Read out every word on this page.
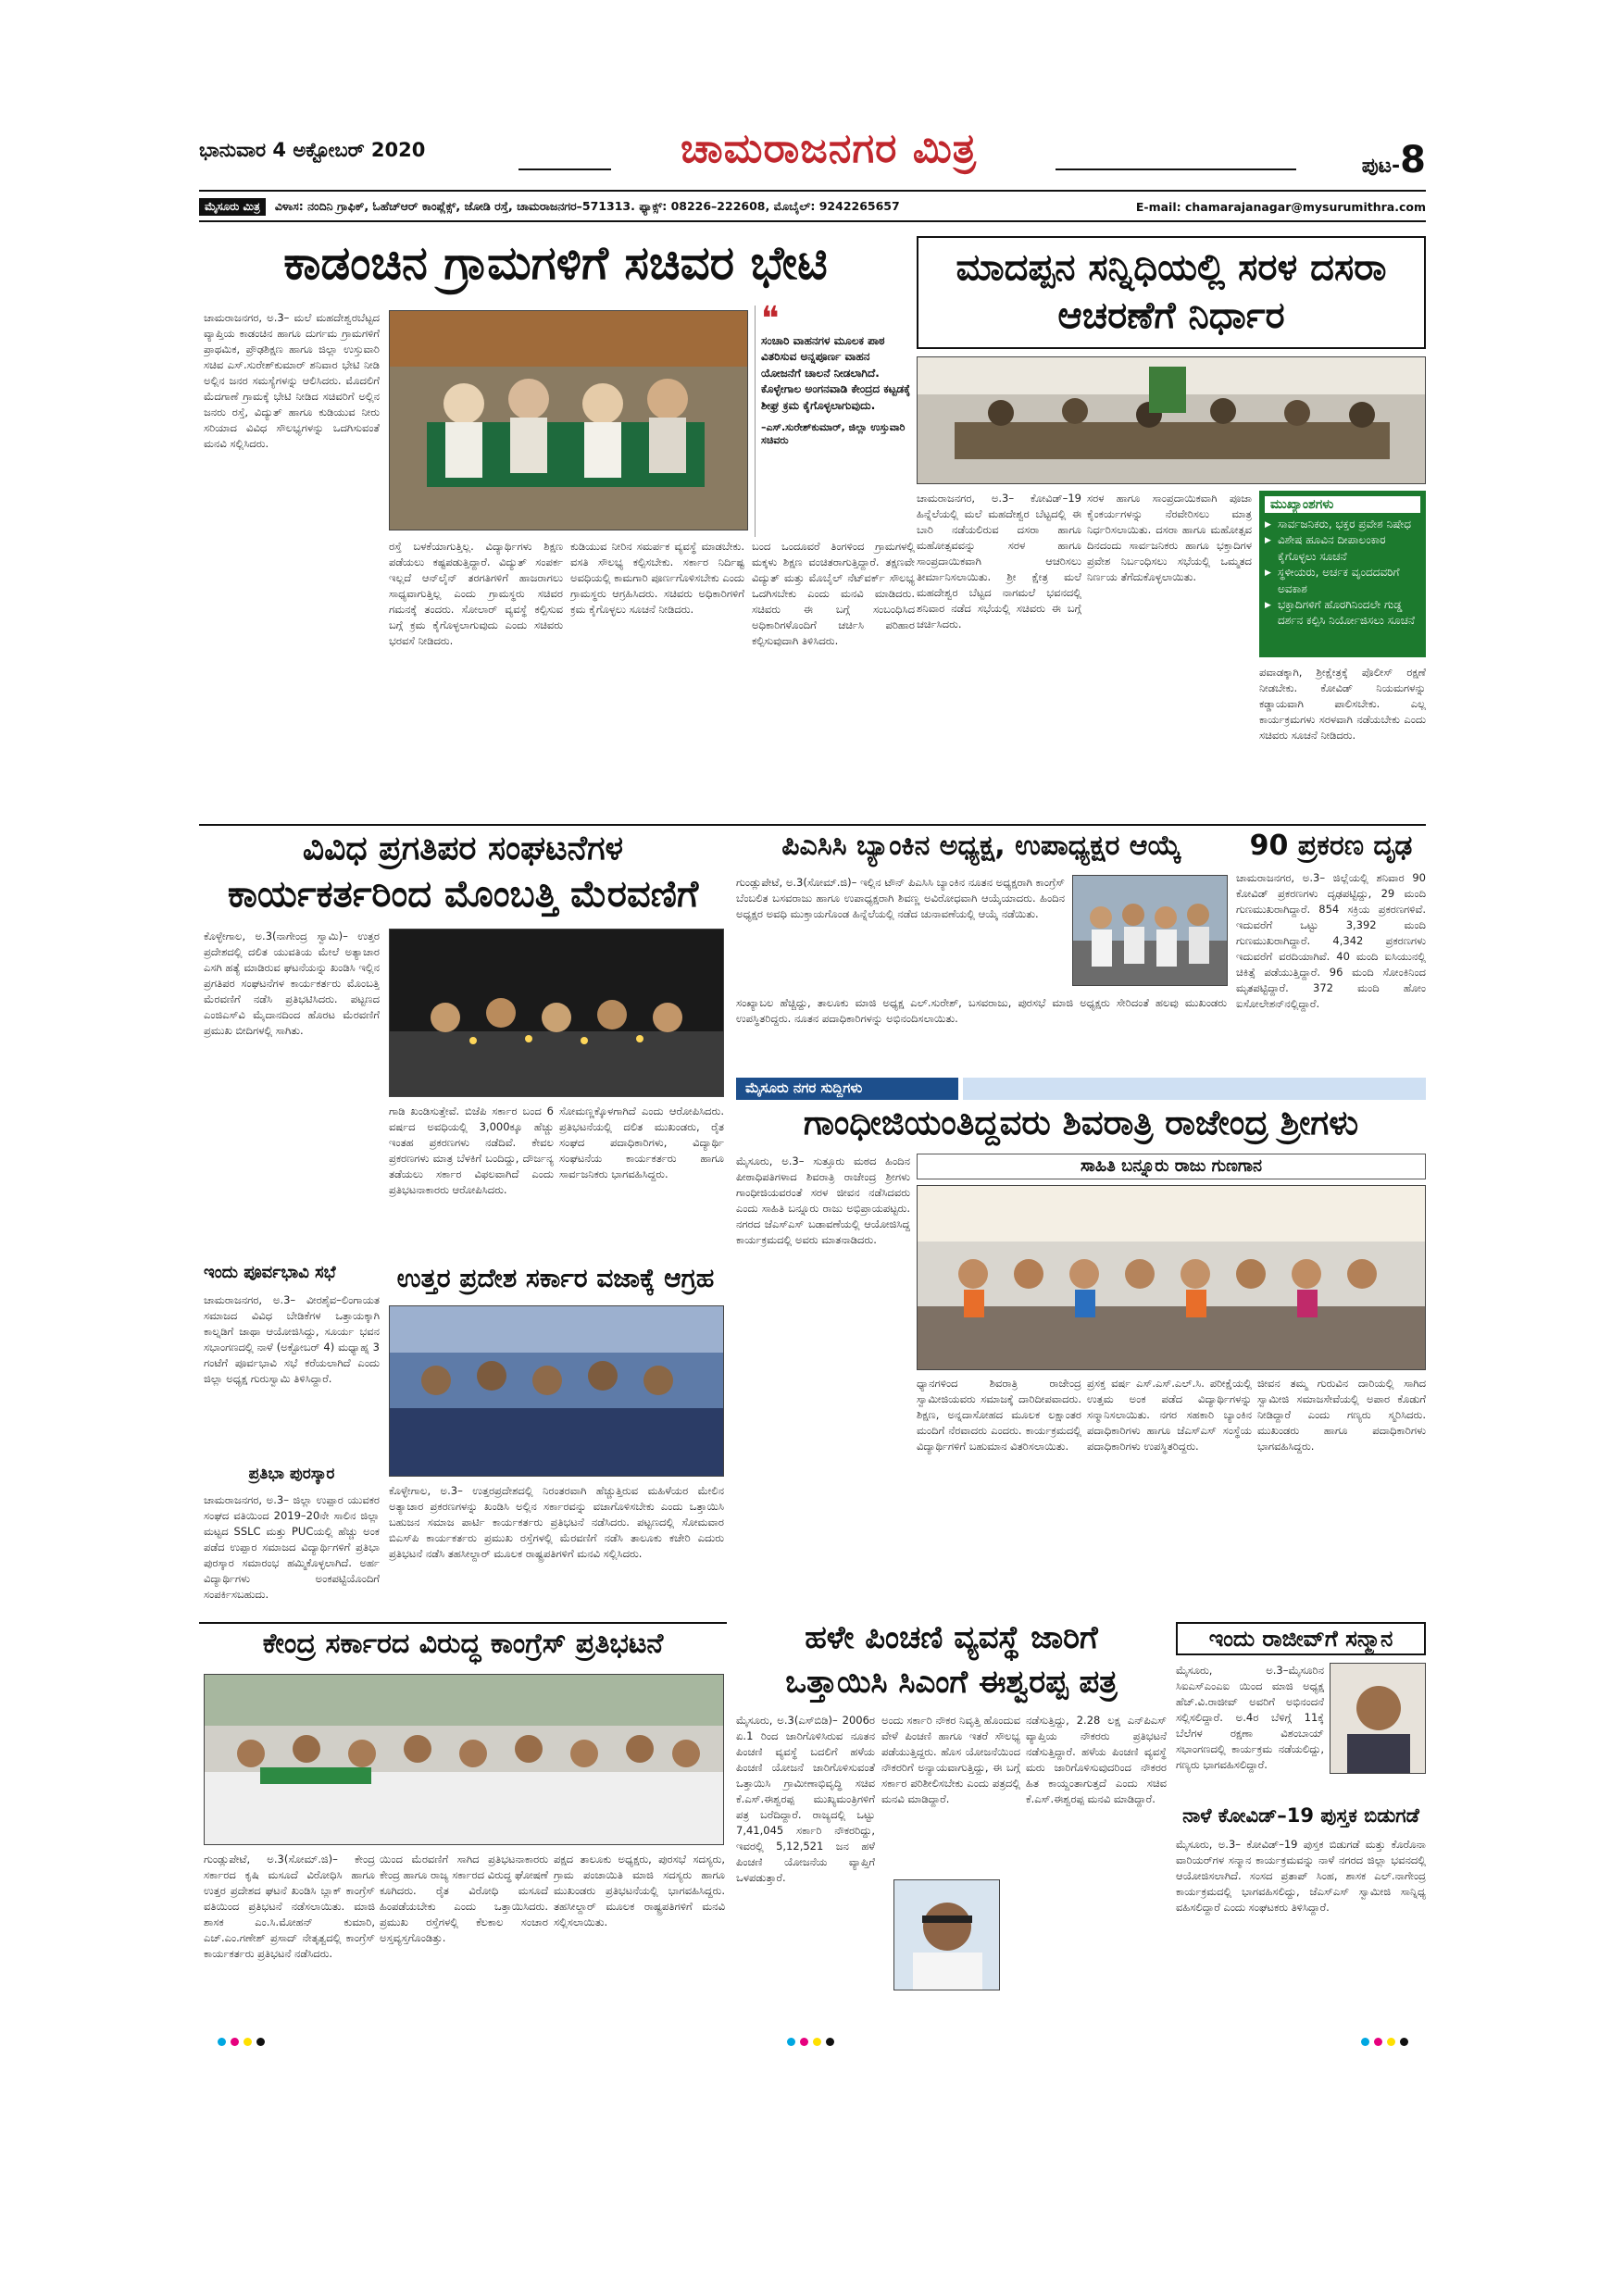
ಭಾನುವಾರ 4 ಅಕ್ಟೋಬರ್ 2020	ಚಾಮರಾಜನಗರ ಮಿತ್ರ	ಪುಟ-8
ಮೈಸೂರು ಮಿತ್ರ	ವಿಳಾಸ: ನಂದಿನಿ ಗ್ರಾಫಿಕ್, ಓಹೆಚ್‌ಆರ್ ಕಾಂಪ್ಲೆಕ್ಸ್, ಜೋಡಿ ರಸ್ತೆ, ಚಾಮರಾಜನಗರ–571313. ಫ್ಯಾಕ್ಸ್: 08226–222608, ಮೊಬೈಲ್: 9242265657	E-mail: chamarajanagar@mysurumithra.com
ಕಾಡಂಚಿನ ಗ್ರಾಮಗಳಿಗೆ ಸಚಿವರ ಭೇಟಿ
ಚಾಮರಾಜನಗರ, ಅ.3– ಮಲೆ ಮಹದೇಶ್ವರಬೆಟ್ಟದ ವ್ಯಾಪ್ತಿಯ ಕಾಡಂಚಿನ ಹಾಗೂ ದುರ್ಗಮ ಗ್ರಾಮಗಳಿಗೆ ಪ್ರಾಥಮಿಕ, ಪ್ರೌಢಶಿಕ್ಷಣ ಹಾಗೂ ಜಿಲ್ಲಾ ಉಸ್ತುವಾರಿ ಸಚಿವ ಎಸ್.ಸುರೇಶ್‌ಕುಮಾರ್ ಶನಿವಾರ ಭೇಟಿ ನೀಡಿ ಅಲ್ಲಿನ ಜನರ ಸಮಸ್ಯೆಗಳನ್ನು ಆಲಿಸಿದರು. ಮೊದಲಿಗೆ ಮೆದಗಾಣೆ ಗ್ರಾಮಕ್ಕೆ ಭೇಟಿ ನೀಡಿದ ಸಚಿವರಿಗೆ ಅಲ್ಲಿನ ಜನರು ರಸ್ತೆ, ವಿದ್ಯುತ್ ಹಾಗೂ ಕುಡಿಯುವ ನೀರು ಸರಿಯಾದ ವಿವಿಧ ಸೌಲಭ್ಯಗಳನ್ನು ಒದಗಿಸುವಂತೆ ಮನವಿ ಸಲ್ಲಿಸಿದರು.
❝
ಸಂಚಾರಿ ವಾಹನಗಳ ಮೂಲಕ ಪಾಠ ವಿತರಿಸುವ ಅನ್ನಪೂರ್ಣ ವಾಹನ ಯೋಜನೆಗೆ ಚಾಲನೆ ನೀಡಲಾಗಿದೆ. ಕೊಳ್ಳೇಗಾಲ ಅಂಗನವಾಡಿ ಕೇಂದ್ರದ ಕಟ್ಟಡಕ್ಕೆ ಶೀಘ್ರ ಕ್ರಮ ಕೈಗೊಳ್ಳಲಾಗುವುದು.
–ಎಸ್.ಸುರೇಶ್‌ಕುಮಾರ್, ಜಿಲ್ಲಾ ಉಸ್ತುವಾರಿ ಸಚಿವರು
ರಸ್ತೆ ಬಳಕೆಯಾಗುತ್ತಿಲ್ಲ. ವಿದ್ಯಾರ್ಥಿಗಳು ಶಿಕ್ಷಣ ಪಡೆಯಲು ಕಷ್ಟಪಡುತ್ತಿದ್ದಾರೆ. ವಿದ್ಯುತ್ ಸಂಪರ್ಕ ಇಲ್ಲದೆ ಆನ್‌ಲೈನ್ ತರಗತಿಗಳಿಗೆ ಹಾಜರಾಗಲು ಸಾಧ್ಯವಾಗುತ್ತಿಲ್ಲ ಎಂದು ಗ್ರಾಮಸ್ಥರು ಸಚಿವರ ಗಮನಕ್ಕೆ ತಂದರು. ಸೋಲಾರ್ ವ್ಯವಸ್ಥೆ ಕಲ್ಪಿಸುವ ಬಗ್ಗೆ ಕ್ರಮ ಕೈಗೊಳ್ಳಲಾಗುವುದು ಎಂದು ಸಚಿವರು ಭರವಸೆ ನೀಡಿದರು.
ಕುಡಿಯುವ ನೀರಿನ ಸಮರ್ಪಕ ವ್ಯವಸ್ಥೆ ಮಾಡಬೇಕು. ವಸತಿ ಸೌಲಭ್ಯ ಕಲ್ಪಿಸಬೇಕು. ಸರ್ಕಾರ ನಿರ್ದಿಷ್ಟ ಅವಧಿಯಲ್ಲಿ ಕಾಮಗಾರಿ ಪೂರ್ಣಗೊಳಿಸಬೇಕು ಎಂದು ಗ್ರಾಮಸ್ಥರು ಆಗ್ರಹಿಸಿದರು. ಸಚಿವರು ಅಧಿಕಾರಿಗಳಿಗೆ ಕ್ರಮ ಕೈಗೊಳ್ಳಲು ಸೂಚನೆ ನೀಡಿದರು.
ಬಂದ ಒಂದೂವರೆ ತಿಂಗಳಿಂದ ಗ್ರಾಮಗಳಲ್ಲಿ ಮಕ್ಕಳು ಶಿಕ್ಷಣ ವಂಚಿತರಾಗುತ್ತಿದ್ದಾರೆ. ತಕ್ಷಣವೇ ವಿದ್ಯುತ್ ಮತ್ತು ಮೊಬೈಲ್ ನೆಟ್‌ವರ್ಕ್ ಸೌಲಭ್ಯ ಒದಗಿಸಬೇಕು ಎಂದು ಮನವಿ ಮಾಡಿದರು. ಸಚಿವರು ಈ ಬಗ್ಗೆ ಸಂಬಂಧಿಸಿದ ಅಧಿಕಾರಿಗಳೊಂದಿಗೆ ಚರ್ಚಿಸಿ ಪರಿಹಾರ ಕಲ್ಪಿಸುವುದಾಗಿ ತಿಳಿಸಿದರು.
ಮಾದಪ್ಪನ ಸನ್ನಿಧಿಯಲ್ಲಿ ಸರಳ ದಸರಾ ಆಚರಣೆಗೆ ನಿರ್ಧಾರ
ಚಾಮರಾಜನಗರ, ಅ.3– ಕೋವಿಡ್–19 ಹಿನ್ನೆಲೆಯಲ್ಲಿ ಮಲೆ ಮಹದೇಶ್ವರ ಬೆಟ್ಟದಲ್ಲಿ ಈ ಬಾರಿ ನಡೆಯಲಿರುವ ದಸರಾ ಹಾಗೂ ಮಹೋತ್ಸವವನ್ನು ಸರಳ ಹಾಗೂ ಸಾಂಪ್ರದಾಯಿಕವಾಗಿ ಆಚರಿಸಲು ತೀರ್ಮಾನಿಸಲಾಯಿತು. ಶ್ರೀ ಕ್ಷೇತ್ರ ಮಲೆ ಮಹದೇಶ್ವರ ಬೆಟ್ಟದ ನಾಗಮಲೆ ಭವನದಲ್ಲಿ ಶನಿವಾರ ನಡೆದ ಸಭೆಯಲ್ಲಿ ಸಚಿವರು ಈ ಬಗ್ಗೆ ಚರ್ಚಿಸಿದರು.
ಸರಳ ಹಾಗೂ ಸಾಂಪ್ರದಾಯಿಕವಾಗಿ ಪೂಜಾ ಕೈಂಕರ್ಯಗಳನ್ನು ನೆರವೇರಿಸಲು ಮಾತ್ರ ನಿರ್ಧರಿಸಲಾಯಿತು. ದಸರಾ ಹಾಗೂ ಮಹೋತ್ಸವ ದಿನದಂದು ಸಾರ್ವಜನಿಕರು ಹಾಗೂ ಭಕ್ತಾದಿಗಳ ಪ್ರವೇಶ ನಿರ್ಬಂಧಿಸಲು ಸಭೆಯಲ್ಲಿ ಒಮ್ಮತದ ನಿರ್ಣಯ ತೆಗೆದುಕೊಳ್ಳಲಾಯಿತು.
ಮುಖ್ಯಾಂಶಗಳು
▶ ಸಾರ್ವಜನಿಕರು, ಭಕ್ತರ ಪ್ರವೇಶ ನಿಷೇಧ
▶ ವಿಶೇಷ ಹೂವಿನ ದೀಪಾಲಂಕಾರ ಕೈಗೊಳ್ಳಲು ಸೂಚನೆ
▶ ಸ್ಥಳೀಯರು, ಅರ್ಚಕ ವೃಂದದವರಿಗೆ ಅವಕಾಶ
▶ ಭಕ್ತಾದಿಗಳಿಗೆ ಹೊರಗಿನಿಂದಲೇ ಗುಡ್ಡ ದರ್ಶನ ಕಲ್ಪಿಸಿ ನಿರ್ಯೋಜಿಸಲು ಸೂಚನೆ
ಪವಾಡಕ್ಕಾಗಿ, ಶ್ರೀಕ್ಷೇತ್ರಕ್ಕೆ ಪೊಲೀಸ್ ರಕ್ಷಣೆ ನೀಡಬೇಕು. ಕೋವಿಡ್ ನಿಯಮಗಳನ್ನು ಕಡ್ಡಾಯವಾಗಿ ಪಾಲಿಸಬೇಕು. ಎಲ್ಲ ಕಾರ್ಯಕ್ರಮಗಳು ಸರಳವಾಗಿ ನಡೆಯಬೇಕು ಎಂದು ಸಚಿವರು ಸೂಚನೆ ನೀಡಿದರು.
ವಿವಿಧ ಪ್ರಗತಿಪರ ಸಂಘಟನೆಗಳ
ಕಾರ್ಯಕರ್ತರಿಂದ ಮೊಂಬತ್ತಿ ಮೆರವಣಿಗೆ
ಕೊಳ್ಳೇಗಾಲ, ಅ.3(ನಾಗೇಂದ್ರ ಸ್ವಾಮಿ)– ಉತ್ತರ ಪ್ರದೇಶದಲ್ಲಿ ದಲಿತ ಯುವತಿಯ ಮೇಲೆ ಅತ್ಯಾಚಾರ ಎಸಗಿ ಹತ್ಯೆ ಮಾಡಿರುವ ಘಟನೆಯನ್ನು ಖಂಡಿಸಿ ಇಲ್ಲಿನ ಪ್ರಗತಿಪರ ಸಂಘಟನೆಗಳ ಕಾರ್ಯಕರ್ತರು ಮೊಂಬತ್ತಿ ಮೆರವಣಿಗೆ ನಡೆಸಿ ಪ್ರತಿಭಟಿಸಿದರು. ಪಟ್ಟಣದ ಎಂಜಿಎಸ್‌ವಿ ಮೈದಾನದಿಂದ ಹೊರಟ ಮೆರವಣಿಗೆ ಪ್ರಮುಖ ಬೀದಿಗಳಲ್ಲಿ ಸಾಗಿತು.
ಗಾಡಿ ಖಂಡಿಸುತ್ತೇವೆ. ಬಿಜೆಪಿ ಸರ್ಕಾರ ಬಂದ 6 ವರ್ಷದ ಅವಧಿಯಲ್ಲಿ 3,000ಕ್ಕೂ ಹೆಚ್ಚು ಇಂತಹ ಪ್ರಕರಣಗಳು ನಡೆದಿವೆ. ಕೇವಲ ಪ್ರಕರಣಗಳು ಮಾತ್ರ ಬೆಳಕಿಗೆ ಬಂದಿದ್ದು, ದೌರ್ಜನ್ಯ ತಡೆಯಲು ಸರ್ಕಾರ ವಿಫಲವಾಗಿದೆ ಎಂದು ಪ್ರತಿಭಟನಾಕಾರರು ಆರೋಪಿಸಿದರು.
ಸೋಮಣ್ಣಕ್ಕೊಳಗಾಗಿದೆ ಎಂದು ಆರೋಪಿಸಿದರು. ಪ್ರತಿಭಟನೆಯಲ್ಲಿ ದಲಿತ ಮುಖಂಡರು, ರೈತ ಸಂಘದ ಪದಾಧಿಕಾರಿಗಳು, ವಿದ್ಯಾರ್ಥಿ ಸಂಘಟನೆಯ ಕಾರ್ಯಕರ್ತರು ಹಾಗೂ ಸಾರ್ವಜನಿಕರು ಭಾಗವಹಿಸಿದ್ದರು.
ಪಿಎಸಿಸಿ ಬ್ಯಾಂಕಿನ ಅಧ್ಯಕ್ಷ, ಉಪಾಧ್ಯಕ್ಷರ ಆಯ್ಕೆ
ಗುಂಡ್ಲುಪೇಟೆ, ಅ.3(ಸೋಮ್.ಜಿ)– ಇಲ್ಲಿನ ಟೌನ್ ಪಿಎಸಿಸಿ ಬ್ಯಾಂಕಿನ ನೂತನ ಅಧ್ಯಕ್ಷರಾಗಿ ಕಾಂಗ್ರೆಸ್ ಬೆಂಬಲಿತ ಬಸವರಾಜು ಹಾಗೂ ಉಪಾಧ್ಯಕ್ಷರಾಗಿ ಶಿವಣ್ಣ ಅವಿರೋಧವಾಗಿ ಆಯ್ಕೆಯಾದರು. ಹಿಂದಿನ ಅಧ್ಯಕ್ಷರ ಅವಧಿ ಮುಕ್ತಾಯಗೊಂಡ ಹಿನ್ನೆಲೆಯಲ್ಲಿ ನಡೆದ ಚುನಾವಣೆಯಲ್ಲಿ ಆಯ್ಕೆ ನಡೆಯಿತು.
ಸಂಖ್ಯಾಬಲ ಹೆಚ್ಚಿದ್ದು, ತಾಲೂಕು ಮಾಜಿ ಅಧ್ಯಕ್ಷ ಎಲ್.ಸುರೇಶ್, ಬಸವರಾಜು, ಪುರಸಭೆ ಮಾಜಿ ಅಧ್ಯಕ್ಷರು ಸೇರಿದಂತೆ ಹಲವು ಮುಖಂಡರು ಉಪಸ್ಥಿತರಿದ್ದರು. ನೂತನ ಪದಾಧಿಕಾರಿಗಳನ್ನು ಅಭಿನಂದಿಸಲಾಯಿತು.
90 ಪ್ರಕರಣ ದೃಢ
ಚಾಮರಾಜನಗರ, ಅ.3– ಜಿಲ್ಲೆಯಲ್ಲಿ ಶನಿವಾರ 90 ಕೋವಿಡ್ ಪ್ರಕರಣಗಳು ದೃಢಪಟ್ಟಿದ್ದು, 29 ಮಂದಿ ಗುಣಮುಖರಾಗಿದ್ದಾರೆ. 854 ಸಕ್ರಿಯ ಪ್ರಕರಣಗಳಿವೆ. ಇದುವರೆಗೆ ಒಟ್ಟು 3,392 ಮಂದಿ ಗುಣಮುಖರಾಗಿದ್ದಾರೆ. 4,342 ಪ್ರಕರಣಗಳು ಇದುವರೆಗೆ ವರದಿಯಾಗಿವೆ. 40 ಮಂದಿ ಐಸಿಯುನಲ್ಲಿ ಚಿಕಿತ್ಸೆ ಪಡೆಯುತ್ತಿದ್ದಾರೆ. 96 ಮಂದಿ ಸೋಂಕಿನಿಂದ ಮೃತಪಟ್ಟಿದ್ದಾರೆ. 372 ಮಂದಿ ಹೋಂ ಐಸೋಲೇಶನ್‌ನಲ್ಲಿದ್ದಾರೆ.
ಮೈಸೂರು ನಗರ ಸುದ್ದಿಗಳು
ಗಾಂಧೀಜಿಯಂತಿದ್ದವರು ಶಿವರಾತ್ರಿ ರಾಜೇಂದ್ರ ಶ್ರೀಗಳು
ಸಾಹಿತಿ ಬನ್ನೂರು ರಾಜು ಗುಣಗಾನ
ಮೈಸೂರು, ಅ.3– ಸುತ್ತೂರು ಮಠದ ಹಿಂದಿನ ಪೀಠಾಧಿಪತಿಗಳಾದ ಶಿವರಾತ್ರಿ ರಾಜೇಂದ್ರ ಶ್ರೀಗಳು ಗಾಂಧೀಜಿಯವರಂತೆ ಸರಳ ಜೀವನ ನಡೆಸಿದವರು ಎಂದು ಸಾಹಿತಿ ಬನ್ನೂರು ರಾಜು ಅಭಿಪ್ರಾಯಪಟ್ಟರು. ನಗರದ ಜೆಎಸ್‌ಎಸ್ ಬಡಾವಣೆಯಲ್ಲಿ ಆಯೋಜಿಸಿದ್ದ ಕಾರ್ಯಕ್ರಮದಲ್ಲಿ ಅವರು ಮಾತನಾಡಿದರು.
ಧ್ಯಾನಗಳಿಂದ ಶಿವರಾತ್ರಿ ರಾಜೇಂದ್ರ ಸ್ವಾಮೀಜಿಯವರು ಸಮಾಜಕ್ಕೆ ದಾರಿದೀಪವಾದರು. ಶಿಕ್ಷಣ, ಅನ್ನದಾಸೋಹದ ಮೂಲಕ ಲಕ್ಷಾಂತರ ಮಂದಿಗೆ ನೆರವಾದರು ಎಂದರು. ಕಾರ್ಯಕ್ರಮದಲ್ಲಿ ವಿದ್ಯಾರ್ಥಿಗಳಿಗೆ ಬಹುಮಾನ ವಿತರಿಸಲಾಯಿತು.
ಪ್ರಸಕ್ತ ವರ್ಷ ಎಸ್.ಎಸ್.ಎಲ್.ಸಿ. ಪರೀಕ್ಷೆಯಲ್ಲಿ ಉತ್ತಮ ಅಂಕ ಪಡೆದ ವಿದ್ಯಾರ್ಥಿಗಳನ್ನು ಸನ್ಮಾನಿಸಲಾಯಿತು. ನಗರ ಸಹಕಾರಿ ಬ್ಯಾಂಕಿನ ಪದಾಧಿಕಾರಿಗಳು ಹಾಗೂ ಜೆಎಸ್‌ಎಸ್ ಸಂಸ್ಥೆಯ ಪದಾಧಿಕಾರಿಗಳು ಉಪಸ್ಥಿತರಿದ್ದರು.
ಜೀವನ ತಮ್ಮ ಗುರುವಿನ ದಾರಿಯಲ್ಲಿ ಸಾಗಿದ ಸ್ವಾಮೀಜಿ ಸಮಾಜಸೇವೆಯಲ್ಲಿ ಅಪಾರ ಕೊಡುಗೆ ನೀಡಿದ್ದಾರೆ ಎಂದು ಗಣ್ಯರು ಸ್ಮರಿಸಿದರು. ಮುಖಂಡರು ಹಾಗೂ ಪದಾಧಿಕಾರಿಗಳು ಭಾಗವಹಿಸಿದ್ದರು.
ಉತ್ತರ ಪ್ರದೇಶ ಸರ್ಕಾರ ವಜಾಕ್ಕೆ ಆಗ್ರಹ
ಕೊಳ್ಳೇಗಾಲ, ಅ.3– ಉತ್ತರಪ್ರದೇಶದಲ್ಲಿ ನಿರಂತರವಾಗಿ ಹೆಚ್ಚುತ್ತಿರುವ ಮಹಿಳೆಯರ ಮೇಲಿನ ಅತ್ಯಾಚಾರ ಪ್ರಕರಣಗಳನ್ನು ಖಂಡಿಸಿ ಅಲ್ಲಿನ ಸರ್ಕಾರವನ್ನು ವಜಾಗೊಳಿಸಬೇಕು ಎಂದು ಒತ್ತಾಯಿಸಿ ಬಹುಜನ ಸಮಾಜ ಪಾರ್ಟಿ ಕಾರ್ಯಕರ್ತರು ಪ್ರತಿಭಟನೆ ನಡೆಸಿದರು. ಪಟ್ಟಣದಲ್ಲಿ ಸೋಮವಾರ ಬಿಎಸ್‌ಪಿ ಕಾರ್ಯಕರ್ತರು ಪ್ರಮುಖ ರಸ್ತೆಗಳಲ್ಲಿ ಮೆರವಣಿಗೆ ನಡೆಸಿ ತಾಲೂಕು ಕಚೇರಿ ಎದುರು ಪ್ರತಿಭಟನೆ ನಡೆಸಿ ತಹಸೀಲ್ದಾರ್ ಮೂಲಕ ರಾಷ್ಟ್ರಪತಿಗಳಿಗೆ ಮನವಿ ಸಲ್ಲಿಸಿದರು.
ಇಂದು ಪೂರ್ವಭಾವಿ ಸಭೆ
ಚಾಮರಾಜನಗರ, ಅ.3– ವೀರಶೈವ–ಲಿಂಗಾಯತ ಸಮಾಜದ ವಿವಿಧ ಬೇಡಿಕೆಗಳ ಒತ್ತಾಯಕ್ಕಾಗಿ ಕಾಲ್ನಡಿಗೆ ಜಾಥಾ ಆಯೋಜಿಸಿದ್ದು, ಸೂರ್ಯ ಭವನ ಸಭಾಂಗಣದಲ್ಲಿ ನಾಳೆ (ಅಕ್ಟೋಬರ್ 4) ಮಧ್ಯಾಹ್ನ 3 ಗಂಟೆಗೆ ಪೂರ್ವಭಾವಿ ಸಭೆ ಕರೆಯಲಾಗಿದೆ ಎಂದು ಜಿಲ್ಲಾ ಅಧ್ಯಕ್ಷ ಗುರುಸ್ವಾಮಿ ತಿಳಿಸಿದ್ದಾರೆ.
ಪ್ರತಿಭಾ ಪುರಸ್ಕಾರ
ಚಾಮರಾಜನಗರ, ಅ.3– ಜಿಲ್ಲಾ ಉಪ್ಪಾರ ಯುವಕರ ಸಂಘದ ವತಿಯಿಂದ 2019–20ನೇ ಸಾಲಿನ ಜಿಲ್ಲಾ ಮಟ್ಟದ SSLC ಮತ್ತು PUCಯಲ್ಲಿ ಹೆಚ್ಚು ಅಂಕ ಪಡೆದ ಉಪ್ಪಾರ ಸಮಾಜದ ವಿದ್ಯಾರ್ಥಿಗಳಿಗೆ ಪ್ರತಿಭಾ ಪುರಸ್ಕಾರ ಸಮಾರಂಭ ಹಮ್ಮಿಕೊಳ್ಳಲಾಗಿದೆ. ಅರ್ಹ ವಿದ್ಯಾರ್ಥಿಗಳು ಅಂಕಪಟ್ಟಿಯೊಂದಿಗೆ ಸಂಪರ್ಕಿಸಬಹುದು.
ಕೇಂದ್ರ ಸರ್ಕಾರದ ವಿರುದ್ಧ ಕಾಂಗ್ರೆಸ್ ಪ್ರತಿಭಟನೆ
ಗುಂಡ್ಲುಪೇಟೆ, ಅ.3(ಸೋಮ್.ಜಿ)– ಕೇಂದ್ರ ಸರ್ಕಾರದ ಕೃಷಿ ಮಸೂದೆ ವಿರೋಧಿಸಿ ಹಾಗೂ ಉತ್ತರ ಪ್ರದೇಶದ ಘಟನೆ ಖಂಡಿಸಿ ಬ್ಲಾಕ್ ಕಾಂಗ್ರೆಸ್ ವತಿಯಿಂದ ಪ್ರತಿಭಟನೆ ನಡೆಸಲಾಯಿತು. ಮಾಜಿ ಶಾಸಕ ಎಂ.ಸಿ.ಮೋಹನ್ ಕುಮಾರಿ, ಎಚ್.ಎಂ.ಗಣೇಶ್ ಪ್ರಸಾದ್ ನೇತೃತ್ವದಲ್ಲಿ ಕಾಂಗ್ರೆಸ್ ಕಾರ್ಯಕರ್ತರು ಪ್ರತಿಭಟನೆ ನಡೆಸಿದರು.
ಯಿಂದ ಮೆರವಣಿಗೆ ಸಾಗಿದ ಪ್ರತಿಭಟನಾಕಾರರು ಕೇಂದ್ರ ಹಾಗೂ ರಾಜ್ಯ ಸರ್ಕಾರದ ವಿರುದ್ಧ ಘೋಷಣೆ ಕೂಗಿದರು. ರೈತ ವಿರೋಧಿ ಮಸೂದೆ ಹಿಂಪಡೆಯಬೇಕು ಎಂದು ಒತ್ತಾಯಿಸಿದರು. ಪ್ರಮುಖ ರಸ್ತೆಗಳಲ್ಲಿ ಕೆಲಕಾಲ ಸಂಚಾರ ಅಸ್ತವ್ಯಸ್ತಗೊಂಡಿತ್ತು.
ಪಕ್ಷದ ತಾಲೂಕು ಅಧ್ಯಕ್ಷರು, ಪುರಸಭೆ ಸದಸ್ಯರು, ಗ್ರಾಮ ಪಂಚಾಯಿತಿ ಮಾಜಿ ಸದಸ್ಯರು ಹಾಗೂ ಮುಖಂಡರು ಪ್ರತಿಭಟನೆಯಲ್ಲಿ ಭಾಗವಹಿಸಿದ್ದರು. ತಹಸೀಲ್ದಾರ್ ಮೂಲಕ ರಾಷ್ಟ್ರಪತಿಗಳಿಗೆ ಮನವಿ ಸಲ್ಲಿಸಲಾಯಿತು.
ಹಳೇ ಪಿಂಚಣಿ ವ್ಯವಸ್ಥೆ ಜಾರಿಗೆ
ಒತ್ತಾಯಿಸಿ ಸಿಎಂಗೆ ಈಶ್ವರಪ್ಪ ಪತ್ರ
ಮೈಸೂರು, ಅ.3(ಎಸ್‌ಬಿಡಿ)– 2006ರ ಏ.1 ರಿಂದ ಜಾರಿಗೊಳಿಸಿರುವ ನೂತನ ಪಿಂಚಣಿ ವ್ಯವಸ್ಥೆ ಬದಲಿಗೆ ಹಳೆಯ ಪಿಂಚಣಿ ಯೋಜನೆ ಜಾರಿಗೊಳಿಸುವಂತೆ ಒತ್ತಾಯಿಸಿ ಗ್ರಾಮೀಣಾಭಿವೃದ್ಧಿ ಸಚಿವ ಕೆ.ಎಸ್.ಈಶ್ವರಪ್ಪ ಮುಖ್ಯಮಂತ್ರಿಗಳಿಗೆ ಪತ್ರ ಬರೆದಿದ್ದಾರೆ. ರಾಜ್ಯದಲ್ಲಿ ಒಟ್ಟು 7,41,045 ಸರ್ಕಾರಿ ನೌಕರರಿದ್ದು, ಇವರಲ್ಲಿ 5,12,521 ಜನ ಹಳೆ ಪಿಂಚಣಿ ಯೋಜನೆಯ ವ್ಯಾಪ್ತಿಗೆ ಒಳಪಡುತ್ತಾರೆ.
ಅಂದು ಸರ್ಕಾರಿ ನೌಕರ ನಿವೃತ್ತಿ ಹೊಂದುವ ವೇಳೆ ಪಿಂಚಣಿ ಹಾಗೂ ಇತರೆ ಸೌಲಭ್ಯ ಪಡೆಯುತ್ತಿದ್ದರು. ಹೊಸ ಯೋಜನೆಯಿಂದ ನೌಕರರಿಗೆ ಅನ್ಯಾಯವಾಗುತ್ತಿದ್ದು, ಈ ಬಗ್ಗೆ ಸರ್ಕಾರ ಪರಿಶೀಲಿಸಬೇಕು ಎಂದು ಪತ್ರದಲ್ಲಿ ಮನವಿ ಮಾಡಿದ್ದಾರೆ.
ನಡೆಸುತ್ತಿದ್ದು, 2.28 ಲಕ್ಷ ಎನ್‌ಪಿಎಸ್ ವ್ಯಾಪ್ತಿಯ ನೌಕರರು ಪ್ರತಿಭಟನೆ ನಡೆಸುತ್ತಿದ್ದಾರೆ. ಹಳೆಯ ಪಿಂಚಣಿ ವ್ಯವಸ್ಥೆ ಮರು ಜಾರಿಗೊಳಿಸುವುದರಿಂದ ನೌಕರರ ಹಿತ ಕಾಯ್ದಂತಾಗುತ್ತದೆ ಎಂದು ಸಚಿವ ಕೆ.ಎಸ್.ಈಶ್ವರಪ್ಪ ಮನವಿ ಮಾಡಿದ್ದಾರೆ.
ಇಂದು ರಾಜೀವ್‌ಗೆ ಸನ್ಮಾನ
ಮೈಸೂರು, ಅ.3–ಮೈಸೂರಿನ ಸಿಐಎಸ್‌ಎಂಎಐ ಯಿಂದ ಮಾಜಿ ಅಧ್ಯಕ್ಷ ಹೆಚ್.ವಿ.ರಾಜೀವ್ ಅವರಿಗೆ ಅಭಿನಂದನೆ ಸಲ್ಲಿಸಲಿದ್ದಾರೆ. ಅ.4ರ ಬೆಳಿಗ್ಗೆ 11ಕ್ಕೆ ಬೆಲೆಗಳ ರಕ್ಷಣಾ ವಿಶಂಬಾಯ್ ಸಭಾಂಗಣದಲ್ಲಿ ಕಾರ್ಯಕ್ರಮ ನಡೆಯಲಿದ್ದು, ಗಣ್ಯರು ಭಾಗವಹಿಸಲಿದ್ದಾರೆ.
ನಾಳೆ ಕೋವಿಡ್–19 ಪುಸ್ತಕ ಬಿಡುಗಡೆ
ಮೈಸೂರು, ಅ.3– ಕೋವಿಡ್–19 ಪುಸ್ತಕ ಬಿಡುಗಡೆ ಮತ್ತು ಕೊರೊನಾ ವಾರಿಯರ್‌ಗಳ ಸನ್ಮಾನ ಕಾರ್ಯಕ್ರಮವನ್ನು ನಾಳೆ ನಗರದ ಜಿಲ್ಲಾ ಭವನದಲ್ಲಿ ಆಯೋಜಿಸಲಾಗಿದೆ. ಸಂಸದ ಪ್ರತಾಪ್ ಸಿಂಹ, ಶಾಸಕ ಎಲ್.ನಾಗೇಂದ್ರ ಕಾರ್ಯಕ್ರಮದಲ್ಲಿ ಭಾಗವಹಿಸಲಿದ್ದು, ಜೆಎಸ್‌ಎಸ್ ಸ್ವಾಮೀಜಿ ಸಾನ್ನಿಧ್ಯ ವಹಿಸಲಿದ್ದಾರೆ ಎಂದು ಸಂಘಟಕರು ತಿಳಿಸಿದ್ದಾರೆ.
